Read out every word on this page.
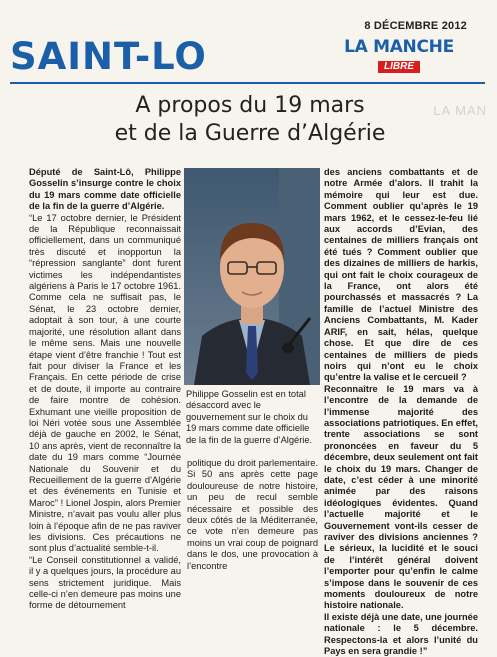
8 DÉCEMBRE 2012
SAINT-LO	LA MANCHE
LIBRE
LA MAN
A propos du 19 mars
et de la Guerre d’Algérie

Député de Saint-Lô, Philippe Gosselin s’insurge contre le choix du 19 mars comme date officielle de la fin de la guerre d’Algérie.

“Le 17 octobre dernier, le Président de la République reconnaissait officiellement, dans un communiqué très discuté et inopportun la “répression sanglante” dont furent victimes les indépendantistes algériens à Paris le 17 octobre 1961. Comme cela ne suffisait pas, le Sénat, le 23 octobre dernier, adoptait à son tour, à une courte majorité, une résolution allant dans le même sens. Mais une nouvelle étape vient d’être franchie ! Tout est fait pour diviser la France et les Français. En cette période de crise et de doute, il importe au contraire de faire montre de cohésion. Exhumant une vieille proposition de loi Néri votée sous une Assemblée déjà de gauche en 2002, le Sénat, 10 ans après, vient de reconnaître la date du 19 mars comme “Journée Nationale du Souvenir et du Recueillement de la guerre d’Algérie et des événements en Tunisie et Maroc” ! Lionel Jospin, alors Premier Ministre, n’avait pas voulu aller plus loin à l’époque afin de ne pas raviver les divisions. Ces précautions ne sont plus d’actualité semble-t-il.

“Le Conseil constitutionnel a validé, il y a quelques jours, la procédure au sens strictement juridique. Mais celle-ci n’en demeure pas moins une forme de détournement

Philippe Gosselin est en total désaccord avec le gouvernement sur le choix du 19 mars comme date officielle de la fin de la guerre d’Algérie.

politique du droit parlementaire. Si 50 ans après cette page douloureuse de notre histoire, un peu de recul semble nécessaire et possible des deux côtés de la Méditerranée, ce vote n’en demeure pas moins un vrai coup de poignard dans le dos, une provocation à l’encontre

des anciens combattants et de notre Armée d’alors. Il trahit la mémoire qui leur est due. Comment oublier qu’après le 19 mars 1962, et le cessez-le-feu lié aux accords d’Evian, des centaines de milliers français ont été tués ? Comment oublier que des dizaines de milliers de harkis, qui ont fait le choix courageux de la France, ont alors été pourchassés et massacrés ? La famille de l’actuel Ministre des Anciens Combattants, M. Kader ARIF, en sait, hélas, quelque chose. Et que dire de ces centaines de milliers de pieds noirs qui n’ont eu le choix qu’entre la valise et le cercueil ?

Reconnaître le 19 mars va à l’encontre de la demande de l’immense majorité des associations patriotiques. En effet, trente associations se sont prononcées en faveur du 5 décembre, deux seulement ont fait le choix du 19 mars. Changer de date, c’est céder à une minorité animée par des raisons idéologiques évidentes. Quand l’actuelle majorité et le Gouvernement vont-ils cesser de raviver des divisions anciennes ? Le sérieux, la lucidité et le souci de l’intérêt général doivent l’emporter pour qu’enfin le calme s’impose dans le souvenir de ces moments douloureux de notre histoire nationale.

Il existe déjà une date, une journée nationale : le 5 décembre. Respectons-la et alors l’unité du Pays en sera grandie !”
